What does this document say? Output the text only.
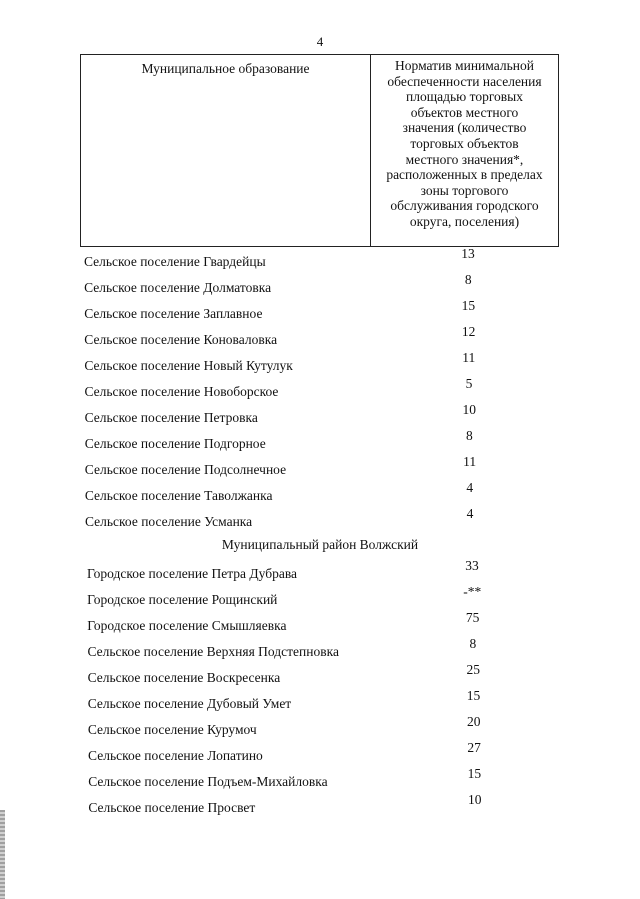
4
Муниципальное образование	Норматив минимальной
обеспеченности населения
площадью торговых
объектов местного
значения (количество
торговых объектов
местного значения*,
расположенных в пределах
зоны торгового
обслуживания городского
округа, поселения)
Сельское поселение Гвардейцы
13
Сельское поселение Долматовка
8
Сельское поселение Заплавное
15
Сельское поселение Коноваловка
12
Сельское поселение Новый Кутулук
11
Сельское поселение Новоборское
5
Сельское поселение Петровка
10
Сельское поселение Подгорное
8
Сельское поселение Подсолнечное
11
Сельское поселение Таволжанка
4
Сельское поселение Усманка
4
Городское поселение Петра Дубрава
33
Городское поселение Рощинский
-**
Городское поселение Смышляевка
75
Сельское поселение Верхняя Подстепновка
8
Сельское поселение Воскресенка
25
Сельское поселение Дубовый Умет
15
Сельское поселение Курумоч
20
Сельское поселение Лопатино
27
Сельское поселение Подъем-Михайловка
15
Сельское поселение Просвет
10
Муниципальный район Волжский
